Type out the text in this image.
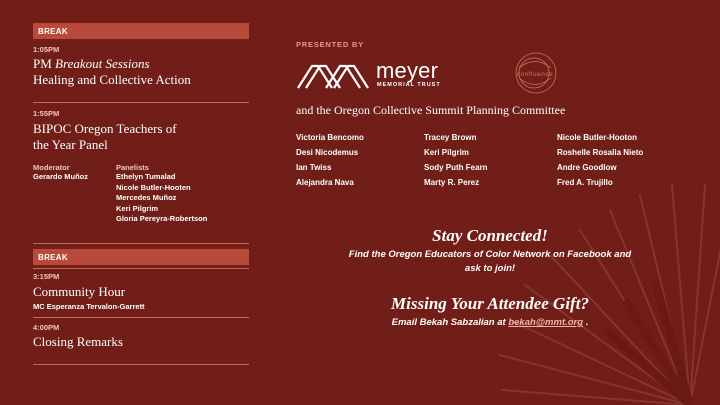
BREAK
1:05PM
PM Breakout Sessions
Healing and Collective Action
1:55PM
BIPOC Oregon Teachers of
the Year Panel
Moderator
Gerardo Muñoz
Panelists
Ethelyn Tumalad
Nicole Butler-Hooten
Mercedes Muñoz
Keri Pilgrim
Gloria Pereyra-Robertson
BREAK
3:15PM
Community Hour
MC Esperanza Tervalon-Garrett
4:00PM
Closing Remarks
PRESENTED BY
meyer
MEMORIAL TRUST
confluence
and the Oregon Collective Summit Planning Committee
Victoria Bencomo
Desi Nicodemus
Ian Twiss
Alejandra Nava
Tracey Brown
Keri Pilgrim
Sody Puth Fearn
Marty R. Perez
Nicole Butler-Hooton
Roshelle Rosalia Nieto
Andre Goodlow
Fred A. Trujillo
Stay Connected!
Find the Oregon Educators of Color Network on Facebook and
ask to join!
Missing Your Attendee Gift?
Email Bekah Sabzalian at bekah@mmt.org .
